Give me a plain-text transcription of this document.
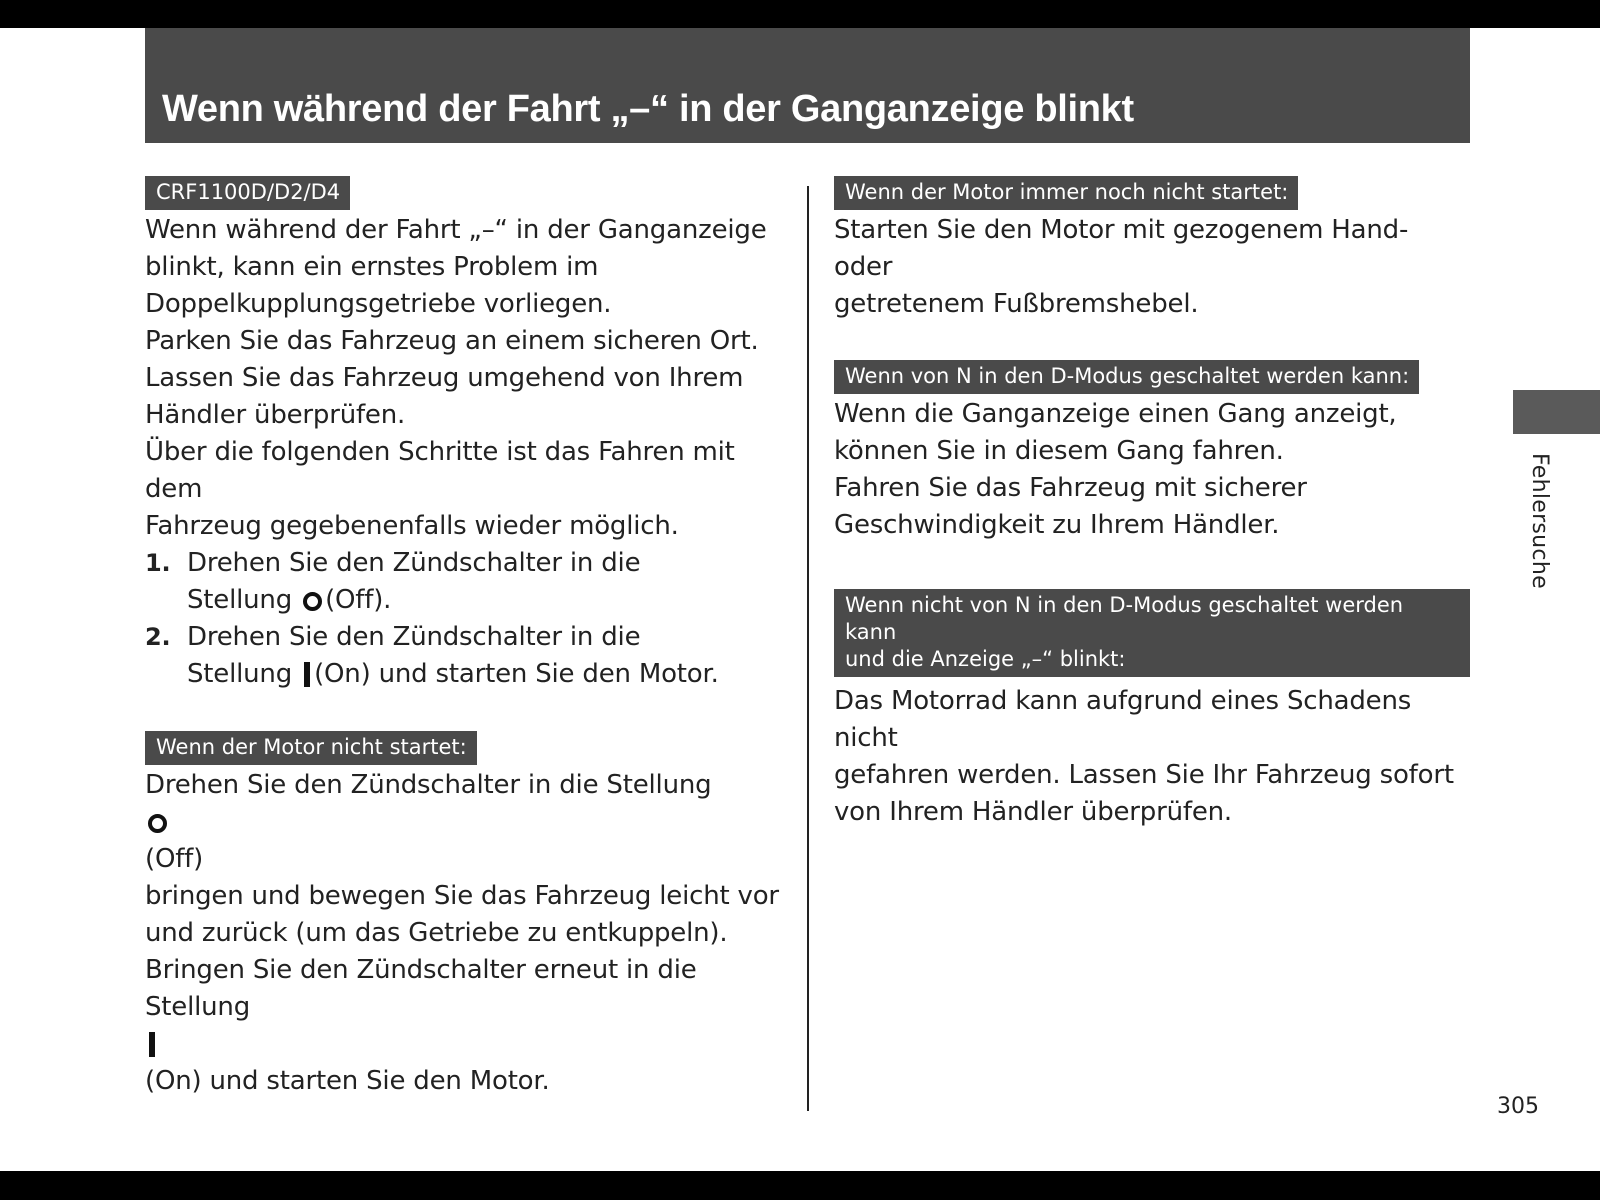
Wenn während der Fahrt „–“ in der Ganganzeige blinkt
CRF1100D/D2/D4
Wenn während der Fahrt „–“ in der Ganganzeige
blinkt, kann ein ernstes Problem im
Doppelkupplungsgetriebe vorliegen.
Parken Sie das Fahrzeug an einem sicheren Ort.
Lassen Sie das Fahrzeug umgehend von Ihrem
Händler überprüfen.
Über die folgenden Schritte ist das Fahren mit dem
Fahrzeug gegebenenfalls wieder möglich.
1. Drehen Sie den Zündschalter in die
Stellung (Off).
2. Drehen Sie den Zündschalter in die
Stellung (On) und starten Sie den Motor.
Wenn der Motor nicht startet:
Drehen Sie den Zündschalter in die Stellung
(Off)
bringen und bewegen Sie das Fahrzeug leicht vor
und zurück (um das Getriebe zu entkuppeln).
Bringen Sie den Zündschalter erneut in die
Stellung
(On) und starten Sie den Motor.
Wenn der Motor immer noch nicht startet:
Starten Sie den Motor mit gezogenem Hand- oder
getretenem Fußbremshebel.
Wenn von N in den D-Modus geschaltet werden kann:
Wenn die Ganganzeige einen Gang anzeigt,
können Sie in diesem Gang fahren.
Fahren Sie das Fahrzeug mit sicherer
Geschwindigkeit zu Ihrem Händler.
Wenn nicht von N in den D-Modus geschaltet werden kann
und die Anzeige „–“ blinkt:
Das Motorrad kann aufgrund eines Schadens nicht
gefahren werden. Lassen Sie Ihr Fahrzeug sofort
von Ihrem Händler überprüfen.
Fehlersuche
305
